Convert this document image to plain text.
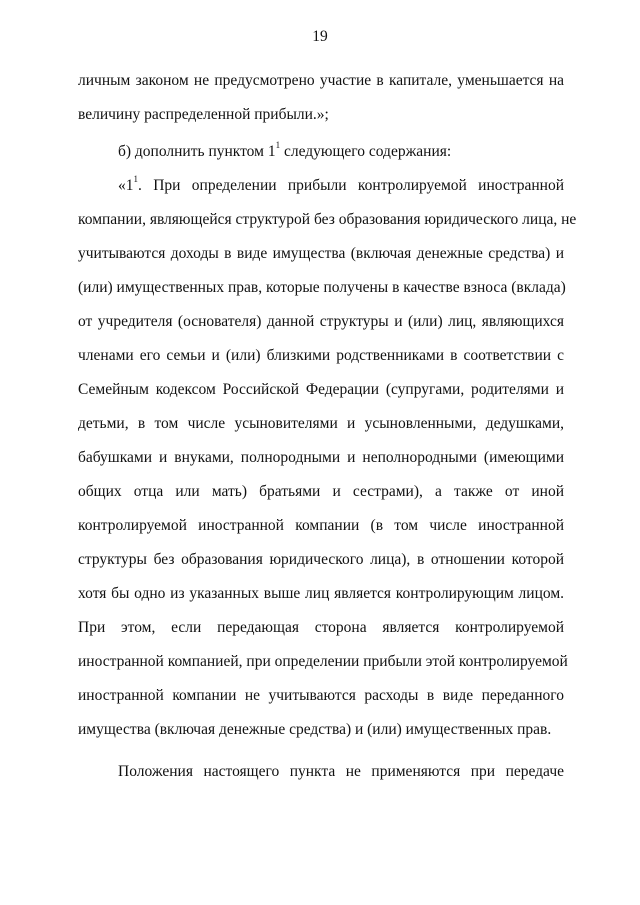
19

личным законом не предусмотрено участие в капитале, уменьшается на
величину распределенной прибыли.»;

б) дополнить пунктом $1^1$ следующего содержания:

«$1^1$. При определении прибыли контролируемой иностранной
компании, являющейся структурой без образования юридического лица, не
учитываются доходы в виде имущества (включая денежные средства) и
(или) имущественных прав, которые получены в качестве взноса (вклада)
от учредителя (основателя) данной структуры и (или) лиц, являющихся
членами его семьи и (или) близкими родственниками в соответствии с
Семейным кодексом Российской Федерации (супругами, родителями и
детьми, в том числе усыновителями и усыновленными, дедушками,
бабушками и внуками, полнородными и неполнородными (имеющими
общих отца или мать) братьями и сестрами), а также от иной
контролируемой иностранной компании (в том числе иностранной
структуры без образования юридического лица), в отношении которой
хотя бы одно из указанных выше лиц является контролирующим лицом.
При этом, если передающая сторона является контролируемой
иностранной компанией, при определении прибыли этой контролируемой
иностранной компании не учитываются расходы в виде переданного
имущества (включая денежные средства) и (или) имущественных прав.

Положения настоящего пункта не применяются при передаче
